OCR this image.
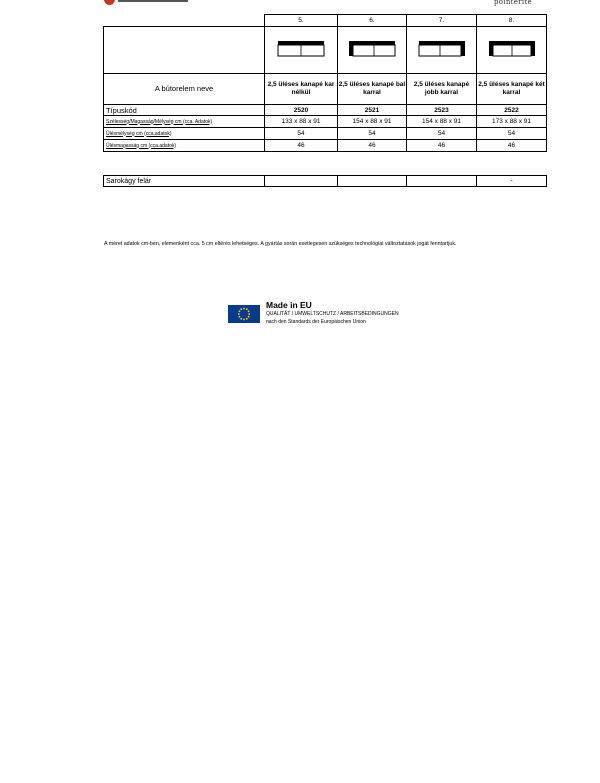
pointerite
	5.	6.	7.	8.

A bútorelem neve	2,5 üléses kanapé kar nélkül	2,5 üléses kanapé bal karral	2,5 üléses kanapé jobb karral	2,5 üléses kanapé két karral
Típuskód	2520	2521	2523	2522
Szélesség/Magasság/Mélység cm (cca. Adatok)	133 x 88 x 91	154 x 88 x 91	154 x 88 x 91	173 x 88 x 91
Ülésmélység cm (cca.adatok)	54	54	54	54
Ülésmagasság cm (cca.adatok)	46	46	46	46
Sarokágy felár				-
A méret adatok cm-ben, elemenként cca. 5 cm eltérés lehetséges. A gyártás során esetlegesen szükséges technológiai változtatások jogát fenntartjuk.
Made in EU
QUALITÄT / UMWELTSCHUTZ / ARBEITSBEDINGUNGEN
nach den Standards der Europäischen Union
